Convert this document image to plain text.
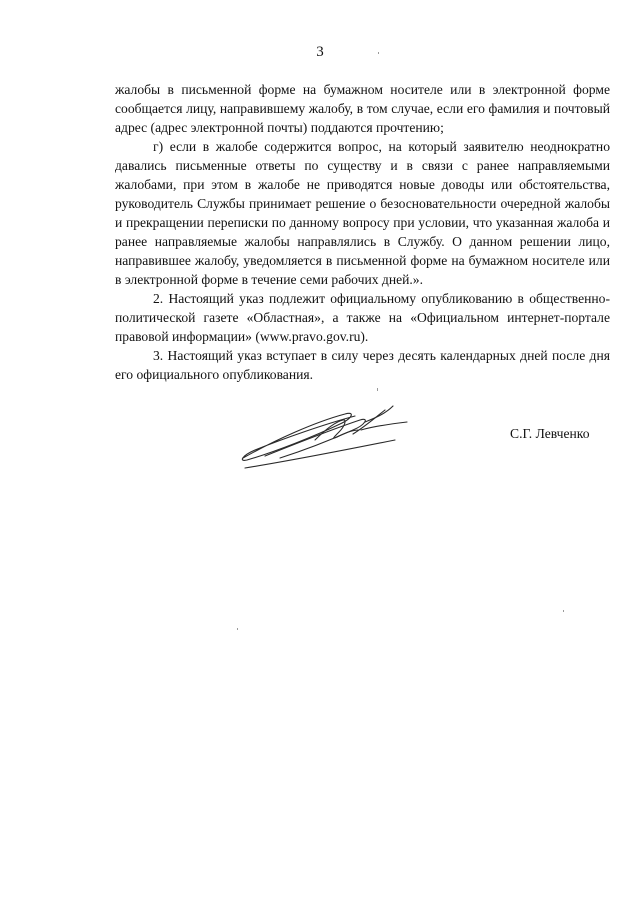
3

жалобы в письменной форме на бумажном носителе или в электронной форме сообщается лицу, направившему жалобу, в том случае, если его фамилия и почтовый адрес (адрес электронной почты) поддаются прочтению;

г) если в жалобе содержится вопрос, на который заявителю неоднократно давались письменные ответы по существу и в связи с ранее направляемыми жалобами, при этом в жалобе не приводятся новые доводы или обстоятельства, руководитель Службы принимает решение о безосновательности очередной жалобы и прекращении переписки по данному вопросу при условии, что указанная жалоба и ранее направляемые жалобы направлялись в Службу. О данном решении лицо, направившее жалобу, уведомляется в письменной форме на бумажном носителе или в электронной форме в течение семи рабочих дней.».

2. Настоящий указ подлежит официальному опубликованию в общественно-политической газете «Областная», а также на «Официальном интернет-портале правовой информации» (www.pravo.gov.ru).

3. Настоящий указ вступает в силу через десять календарных дней после дня его официального опубликования.

С.Г. Левченко
